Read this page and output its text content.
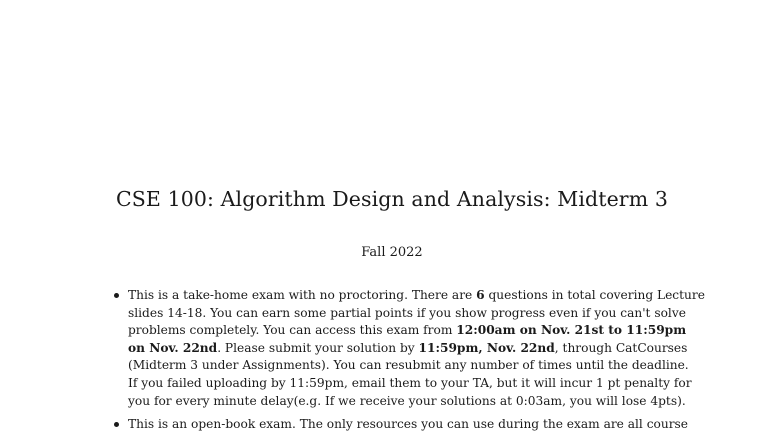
CSE 100: Algorithm Design and Analysis: Midterm 3
Fall 2022
This is a take-home exam with no proctoring. There are 6 questions in total covering Lecture
slides 14-18. You can earn some partial points if you show progress even if you can't solve
problems completely. You can access this exam from 12:00am on Nov. 21st to 11:59pm
on Nov. 22nd. Please submit your solution by 11:59pm, Nov. 22nd, through CatCourses
(Midterm 3 under Assignments). You can resubmit any number of times until the deadline.
If you failed uploading by 11:59pm, email them to your TA, but it will incur 1 pt penalty for
you for every minute delay(e.g. If we receive your solutions at 0:03am, you will lose 4pts).
This is an open-book exam. The only resources you can use during the exam are all course
